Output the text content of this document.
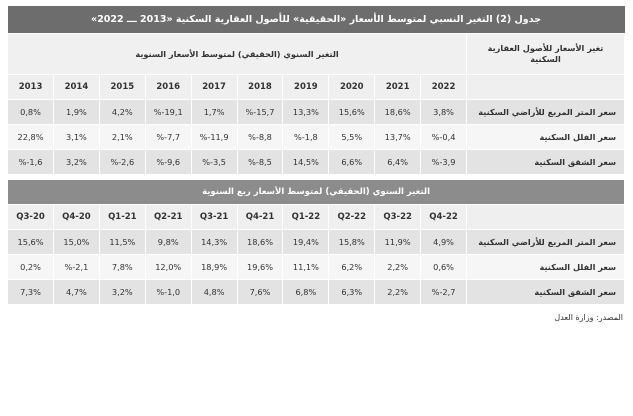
جدول (2) التغير النسبي لمتوسط الأسعار «الحقيقية» للأصول العقارية السكنية «2013 ـــ 2022»										
تغير الأسعار للأصول العقارية السكنية	التغير السنوي (الحقيقي) لمتوسط الأسعار السنوية									
	2022	2021	2020	2019	2018	2017	2016	2015	2014	2013
سعر المتر المربع للأراضي السكنية	3,8%	18,6%	15,6%	13,3%	15,7-%	1,7%	19,1-%	4,2%	1,9%	0,8%
سعر الفلل السكنية	0,4-%	13,7%	5,5%	1,8-%	8,8-%	11,9-%	7,7-%	2,1%	3,1%	22,8%
سعر الشقق السكنية	3,9-%	6,4%	6,6%	14,5%	8,5-%	3,5-%	9,6-%	2,6-%	3,2%	1,6-%

التغير السنوي (الحقيقي) لمتوسط الأسعار ربع السنوية										
	Q4-22	Q3-22	Q2-22	Q1-22	21-Q4	21-Q3	21-Q2	Q1-21	Q4-20	Q3-20
سعر المتر المربع للأراضي السكنية	4,9%	11,9%	15,8%	19,4%	18,6%	14,3%	9,8%	11,5%	15,0%	15,6%
سعر الفلل السكنية	0,6%	2,2%	6,2%	11,1%	19,6%	18,9%	12,0%	7,8%	2,1-%	0,2%
سعر الشقق السكنية	2,7-%	2,2%	6,3%	6,8%	7,6%	4,8%	1,0-%	3,2%	4,7%	7,3%
المصدر: وزارة العدل
